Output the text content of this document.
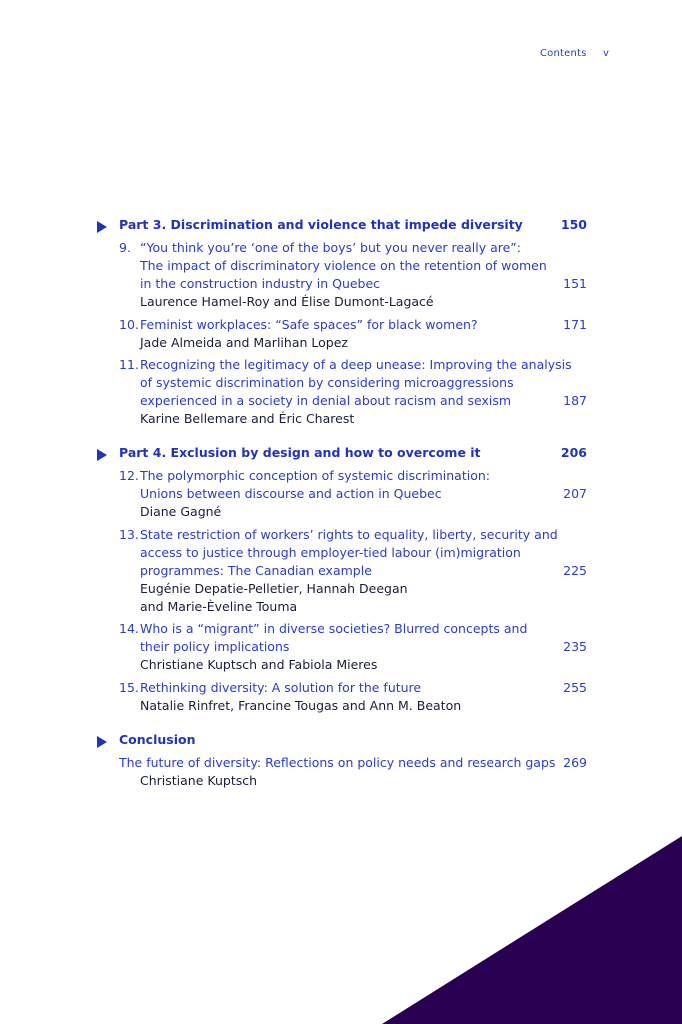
Contents v
Part 3. Discrimination and violence that impede diversity	150
9. “You think you’re ‘one of the boys’ but you never really are”:
The impact of discriminatory violence on the retention of women
in the construction industry in Quebec	151
Laurence Hamel-Roy and Élise Dumont-Lagacé
10.Feminist workplaces: “Safe spaces” for black women?	171
Jade Almeida and Marlihan Lopez
11.Recognizing the legitimacy of a deep unease: Improving the analysis
of systemic discrimination by considering microaggressions
experienced in a society in denial about racism and sexism	187
Karine Bellemare and Éric Charest
Part 4. Exclusion by design and how to overcome it	206
12.The polymorphic conception of systemic discrimination:
Unions between discourse and action in Quebec	207
Diane Gagné
13.State restriction of workers’ rights to equality, liberty, security and
access to justice through employer-tied labour (im)migration
programmes: The Canadian example	225
Eugénie Depatie-Pelletier, Hannah Deegan
and Marie-Èveline Touma
14.Who is a “migrant” in diverse societies? Blurred concepts and
their policy implications	235
Christiane Kuptsch and Fabiola Mieres
15.Rethinking diversity: A solution for the future	255
Natalie Rinfret, Francine Tougas and Ann M. Beaton
Conclusion
The future of diversity: Reflections on policy needs and research gaps 269
Christiane Kuptsch
